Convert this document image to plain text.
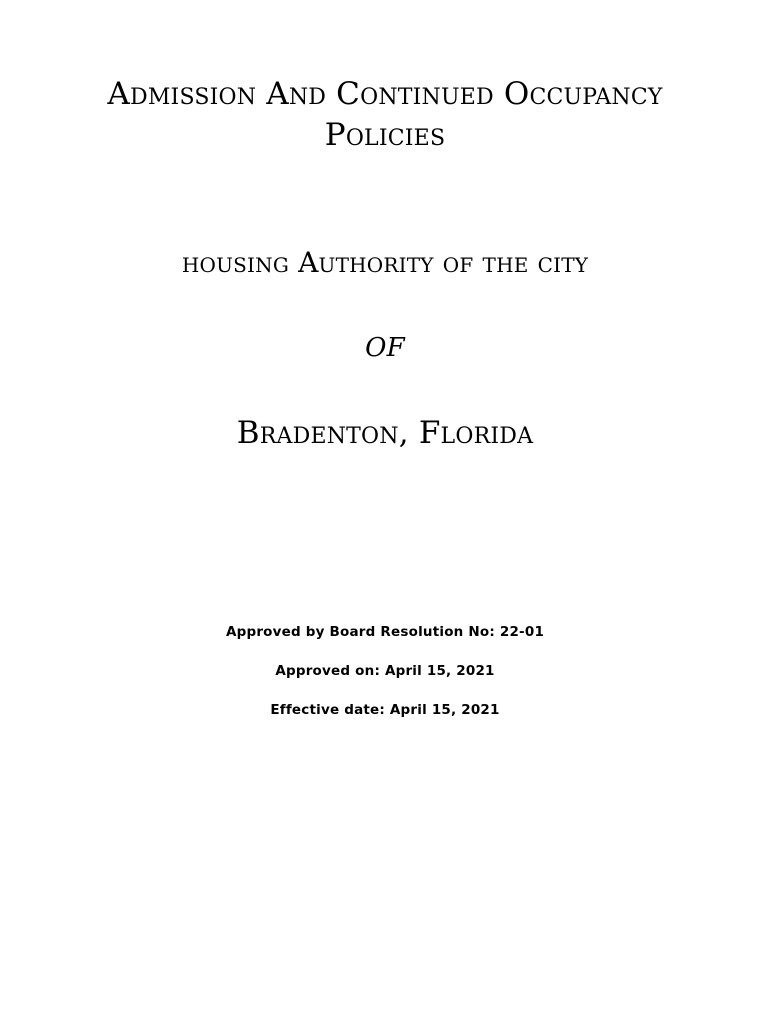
Admission And Continued Occupancy
Policies
housing Authority of the city
OF
Bradenton, Florida

Approved by Board Resolution No: 22-01

Approved on: April 15, 2021

Effective date: April 15, 2021
